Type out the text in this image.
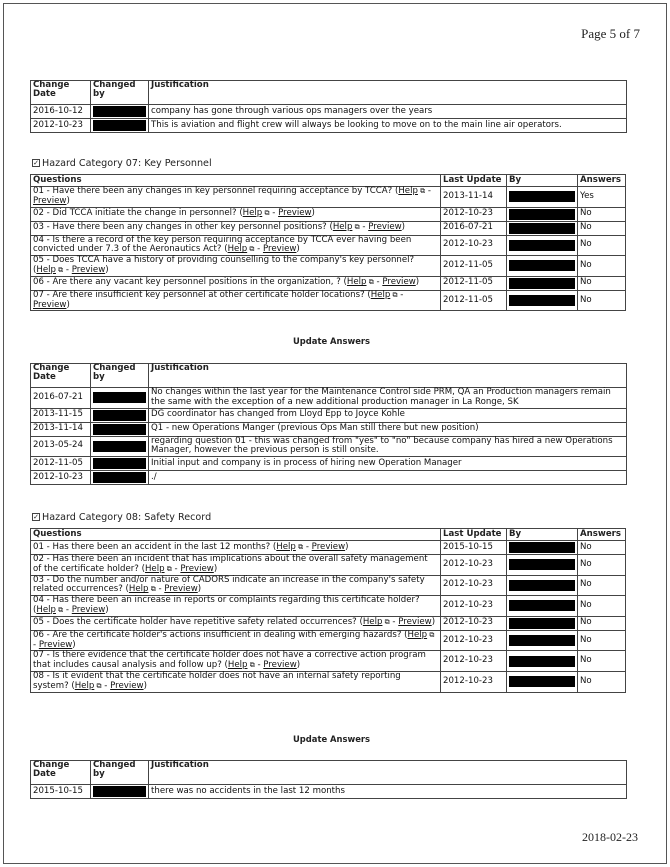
Page 5 of 7
2018-02-23
Change Date	Changed by	Justification
2016-10-12		company has gone through various ops managers over the years
2012-10-23		This is aviation and flight crew will always be looking to move on to the main line air operators.
✓ Hazard Category 07: Key Personnel
Questions	Last Update	By	Answers
01 - Have there been any changes in key personnel requiring acceptance by TCCA? (Help ⧉ - Preview)	2013-11-14		Yes
02 - Did TCCA initiate the change in personnel? (Help ⧉ - Preview)	2012-10-23		No
03 - Have there been any changes in other key personnel positions? (Help ⧉ - Preview)	2016-07-21		No
04 - Is there a record of the key person requiring acceptance by TCCA ever having been convicted under 7.3 of the Aeronautics Act? (Help ⧉ - Preview)	2012-10-23		No
05 - Does TCCA have a history of providing counselling to the company's key personnel? (Help ⧉ - Preview)	2012-11-05		No
06 - Are there any vacant key personnel positions in the organization, ? (Help ⧉ - Preview)	2012-11-05		No
07 - Are there insufficient key personnel at other certificate holder locations? (Help ⧉ - Preview)	2012-11-05		No
Update Answers
Change Date	Changed by	Justification
2016-07-21		No changes within the last year for the Maintenance Control side PRM, QA an Production managers remain the same with the exception of a new additional production manager in La Ronge, SK
2013-11-15		DG coordinator has changed from Lloyd Epp to Joyce Kohle
2013-11-14		Q1 - new Operations Manger (previous Ops Man still there but new position)
2013-05-24		regarding question 01 - this was changed from "yes" to "no" because company has hired a new Operations Manager, however the previous person is still onsite.
2012-11-05		Initial input and company is in process of hiring new Operation Manager
2012-10-23		./
✓ Hazard Category 08: Safety Record
Questions	Last Update	By	Answers
01 - Has there been an accident in the last 12 months? (Help ⧉ - Preview)	2015-10-15		No
02 - Has there been an incident that has implications about the overall safety management of the certificate holder? (Help ⧉ - Preview)	2012-10-23		No
03 - Do the number and/or nature of CADORS indicate an increase in the company's safety related occurrences? (Help ⧉ - Preview)	2012-10-23		No
04 - Has there been an increase in reports or complaints regarding this certificate holder? (Help ⧉ - Preview)	2012-10-23		No
05 - Does the certificate holder have repetitive safety related occurrences? (Help ⧉ - Preview)	2012-10-23		No
06 - Are the certificate holder's actions insufficient in dealing with emerging hazards? (Help ⧉ - Preview)	2012-10-23		No
07 - Is there evidence that the certificate holder does not have a corrective action program that includes causal analysis and follow up? (Help ⧉ - Preview)	2012-10-23		No
08 - Is it evident that the certificate holder does not have an internal safety reporting system? (Help ⧉ - Preview)	2012-10-23		No
Update Answers
Change Date	Changed by	Justification
2015-10-15		there was no accidents in the last 12 months
